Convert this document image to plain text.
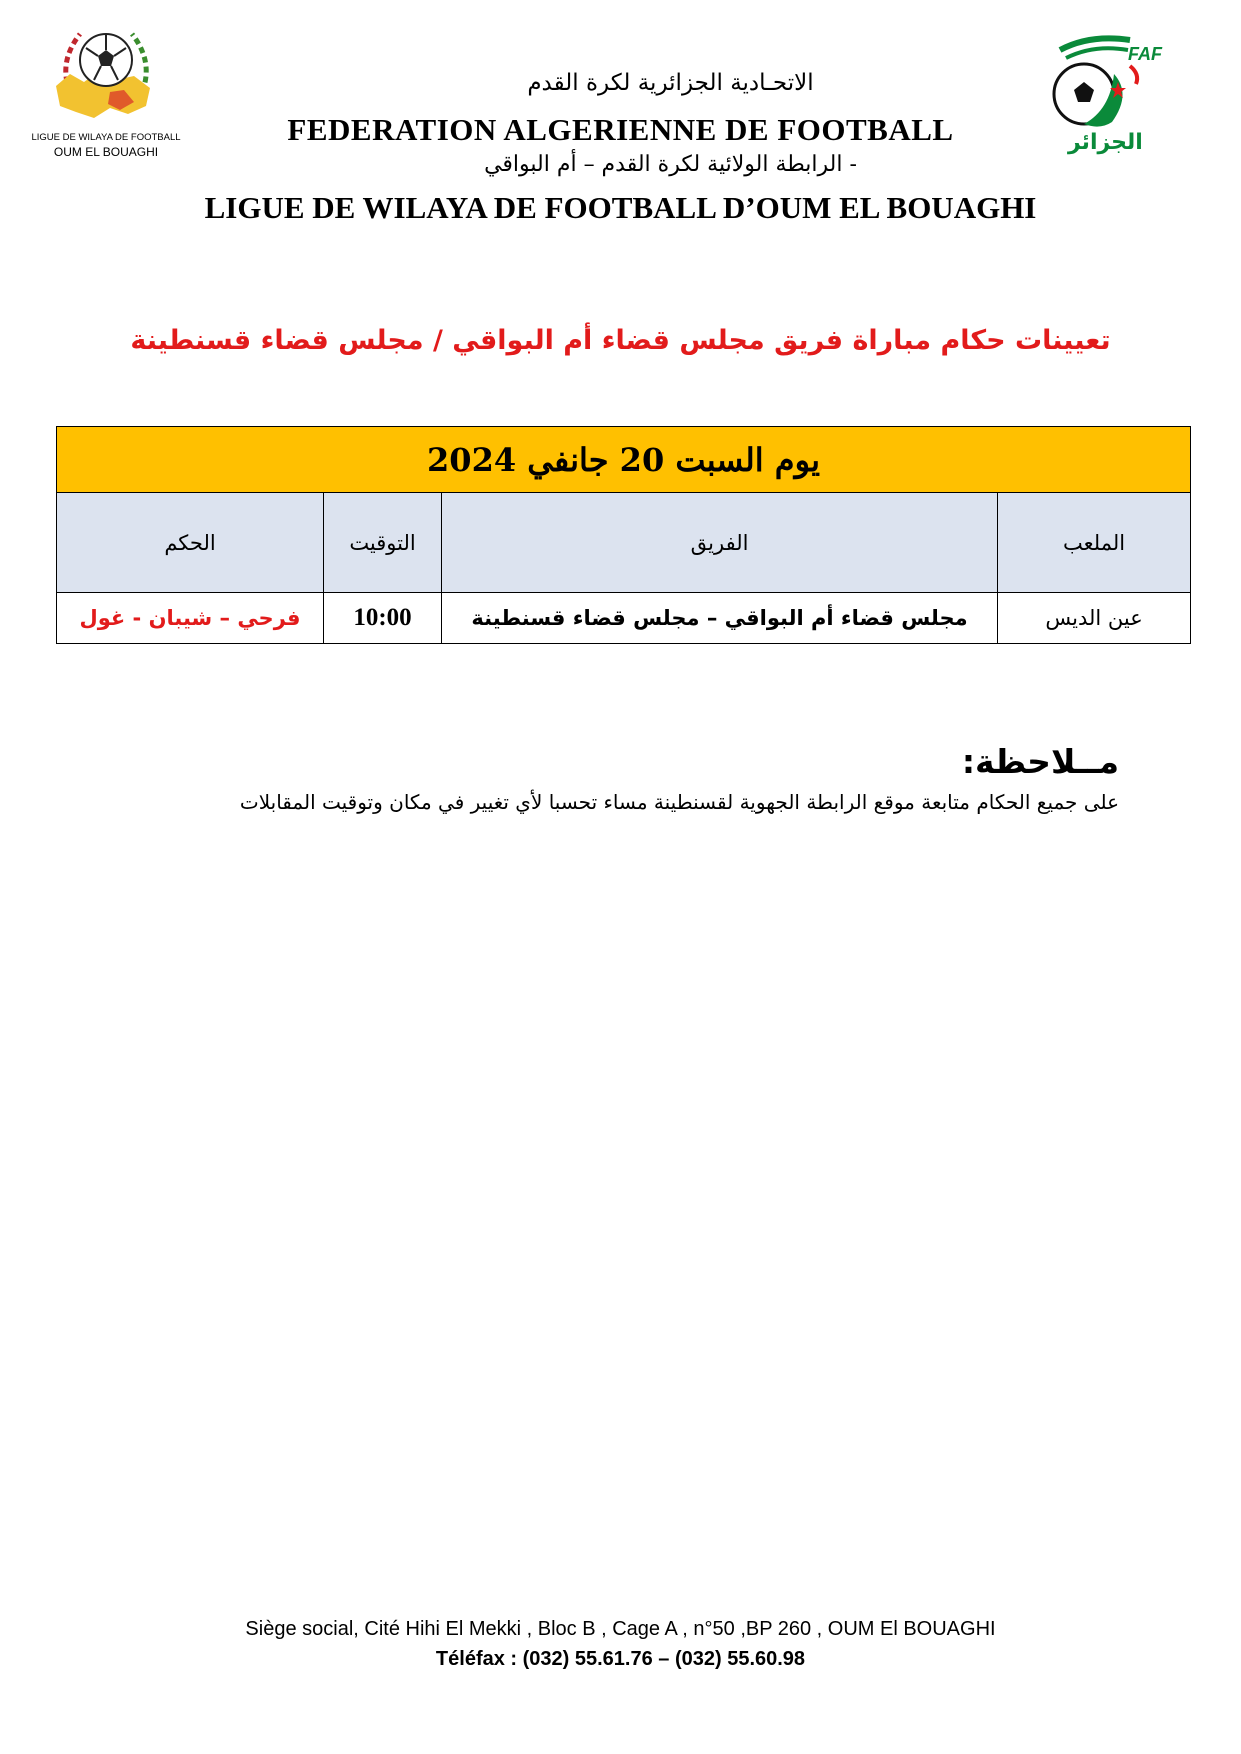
LIGUE DE WILAYA DE FOOTBALL
OUM EL BOUAGHI
FAF
الجزائر
الاتحـادية الجزائرية لكرة القدم
FEDERATION ALGERIENNE DE FOOTBALL
الرابطة الولائية لكرة القدم – أم البواقي -
LIGUE DE WILAYA DE FOOTBALL D’OUM EL BOUAGHI
تعيينات حكام مباراة فريق مجلس قضاء أم البواقي / مجلس قضاء قسنطينة
يوم السبت 20 جانفي 2024			
الملعب	الفريق	التوقيت	الحكم
عين الديس	مجلس قضاء أم البواقي – مجلس قضاء قسنطينة	10:00	فرحي – شيبان - غول
مــلاحظة:
على جميع الحكام متابعة موقع الرابطة الجهوية لقسنطينة مساء تحسبا لأي تغيير في مكان وتوقيت المقابلات
Siège social, Cité Hihi El Mekki , Bloc B , Cage A , n°50 ,BP 260 , OUM El BOUAGHI
Téléfax : (032) 55.61.76 – (032) 55.60.98
